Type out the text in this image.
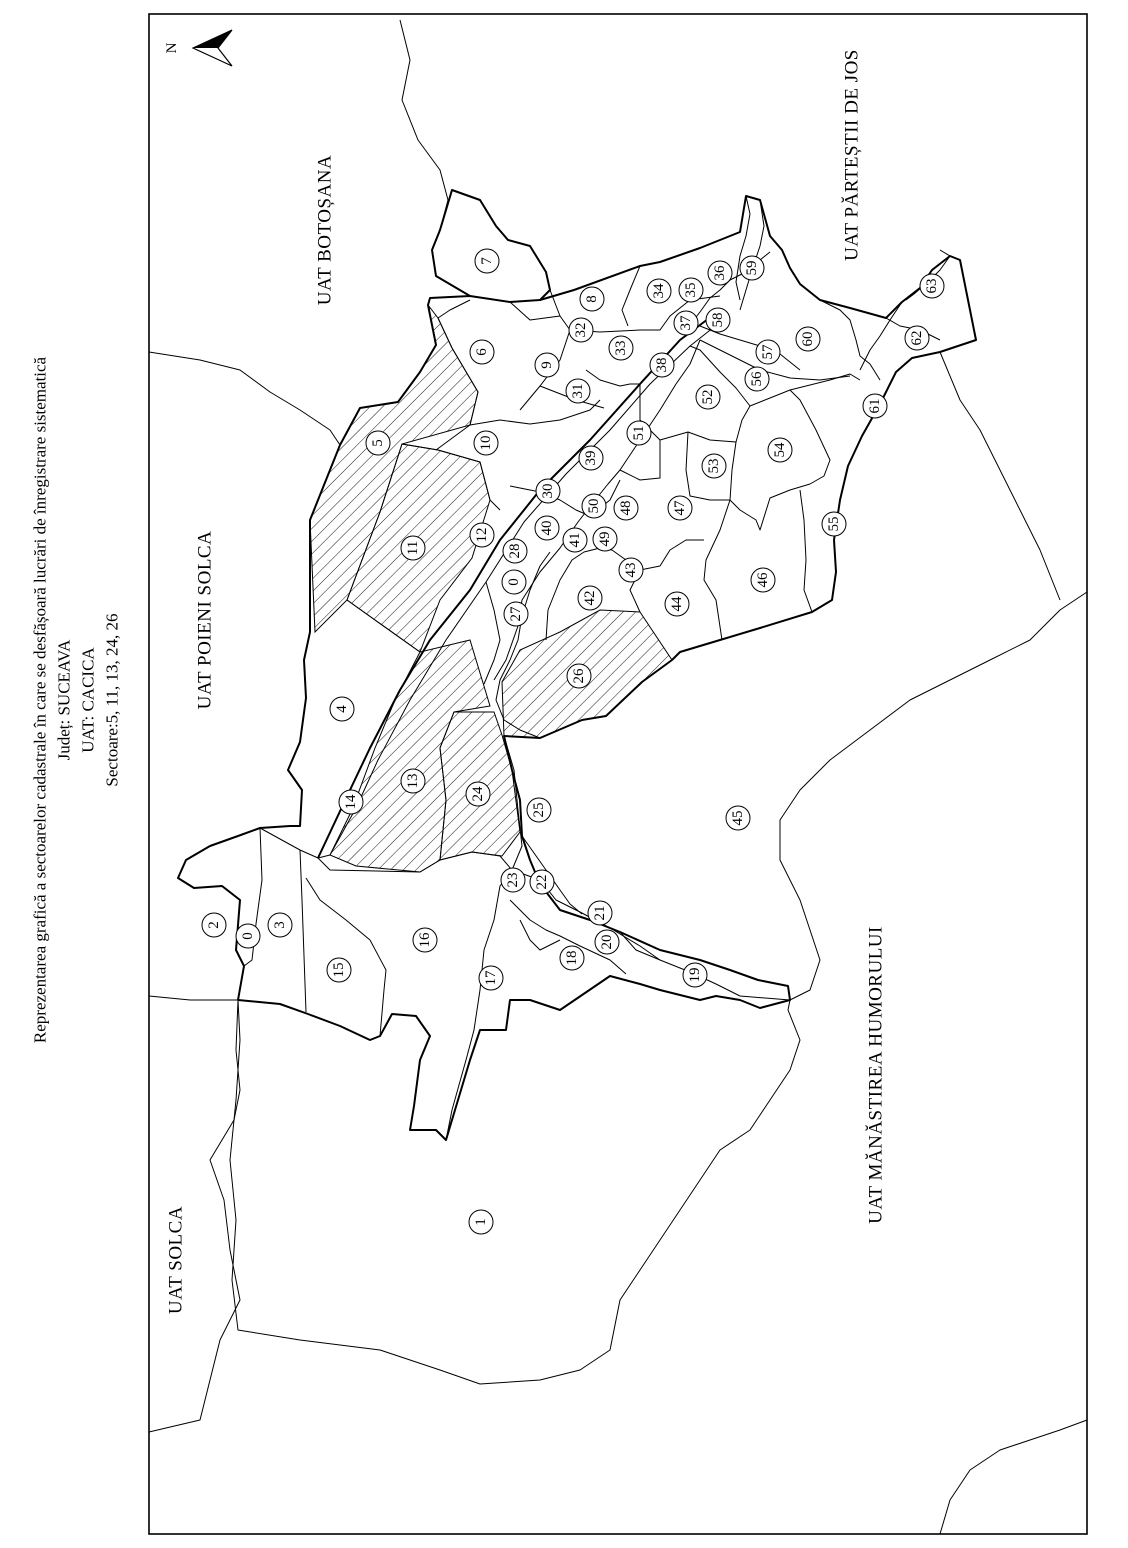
N
Reprezentarea grafică a sectoarelor cadastrale în care se desfășoară lucrări de înregistrare sistematică Județ: SUCEAVA UAT: CACICA Sectoare:5, 11, 13, 24, 26
UAT BOTOȘANA	UAT PĂRTEȘTII DE JOS
UAT POIENI SOLCA
UAT SOLCA
UAT MĂNĂSTIREA HUMORULUI
0
0
1
2	3
4
5
6
7
8
9
10
11
12
13
14
15
16
17
18
19
20
21
22
23
24
25
26
27
28
30
31
32
33
34 35
36
37
38
39
40
41
42
43
44
45
46
47
48
49
50
51
52
53
54
55
56
57
58
59
60
61
62
63
